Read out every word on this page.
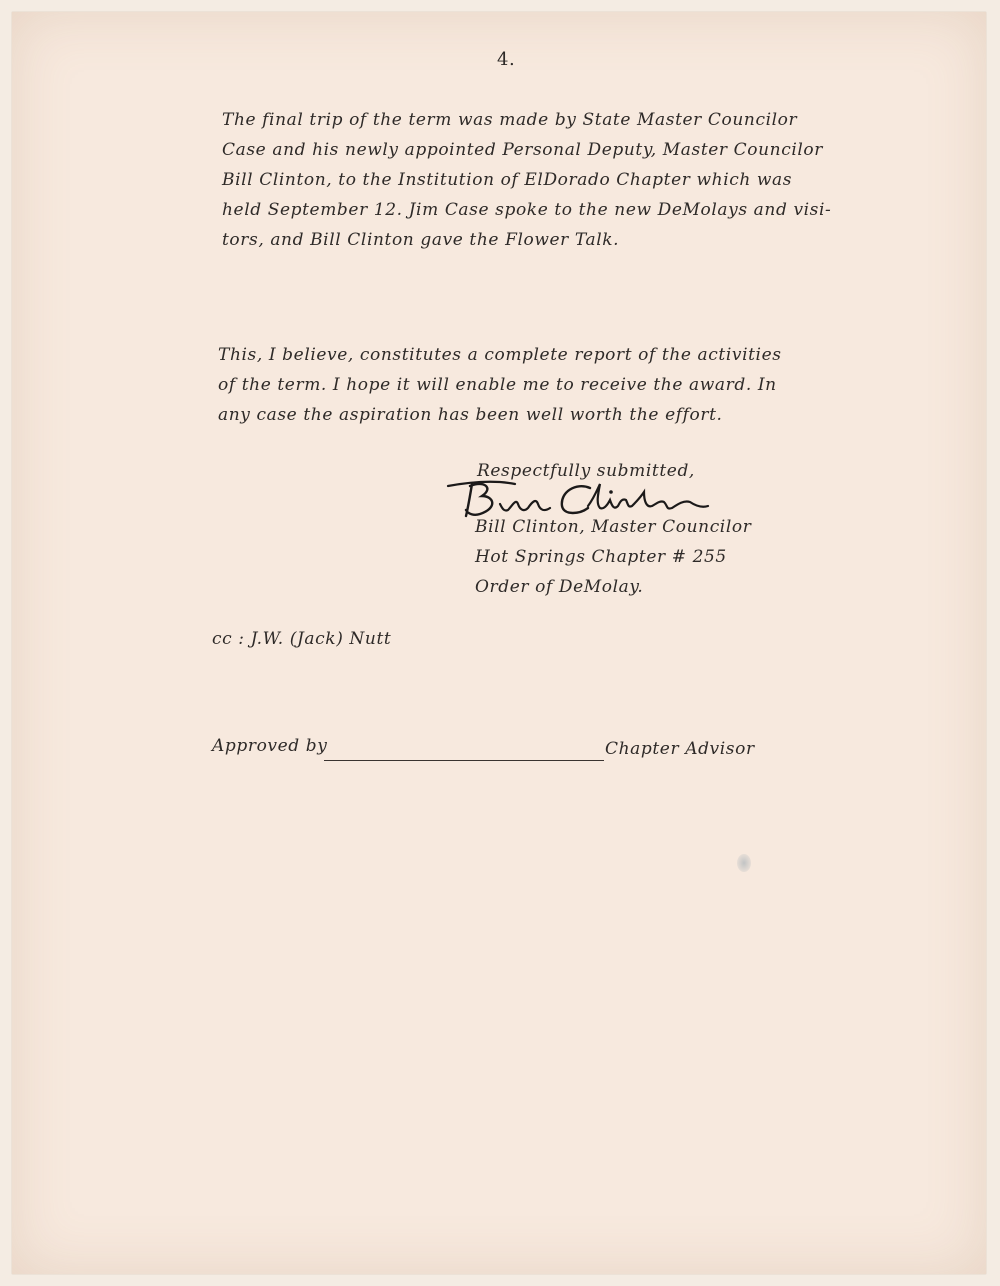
4.

The final trip of the term was made by State Master Councilor
Case and his newly appointed Personal Deputy, Master Councilor
Bill Clinton, to the Institution of ElDorado Chapter which was
held September 12. Jim Case spoke to the new DeMolays and visi-
tors, and Bill Clinton gave the Flower Talk.
This, I believe, constitutes a complete report of the activities
of the term. I hope it will enable me to receive the award. In
any case the aspiration has been well worth the effort.

Respectfully submitted,

Bill Clinton, Master Councilor
Hot Springs Chapter # 255
Order of DeMolay.

cc : J.W. (Jack) Nutt

Approved by	Chapter Advisor
